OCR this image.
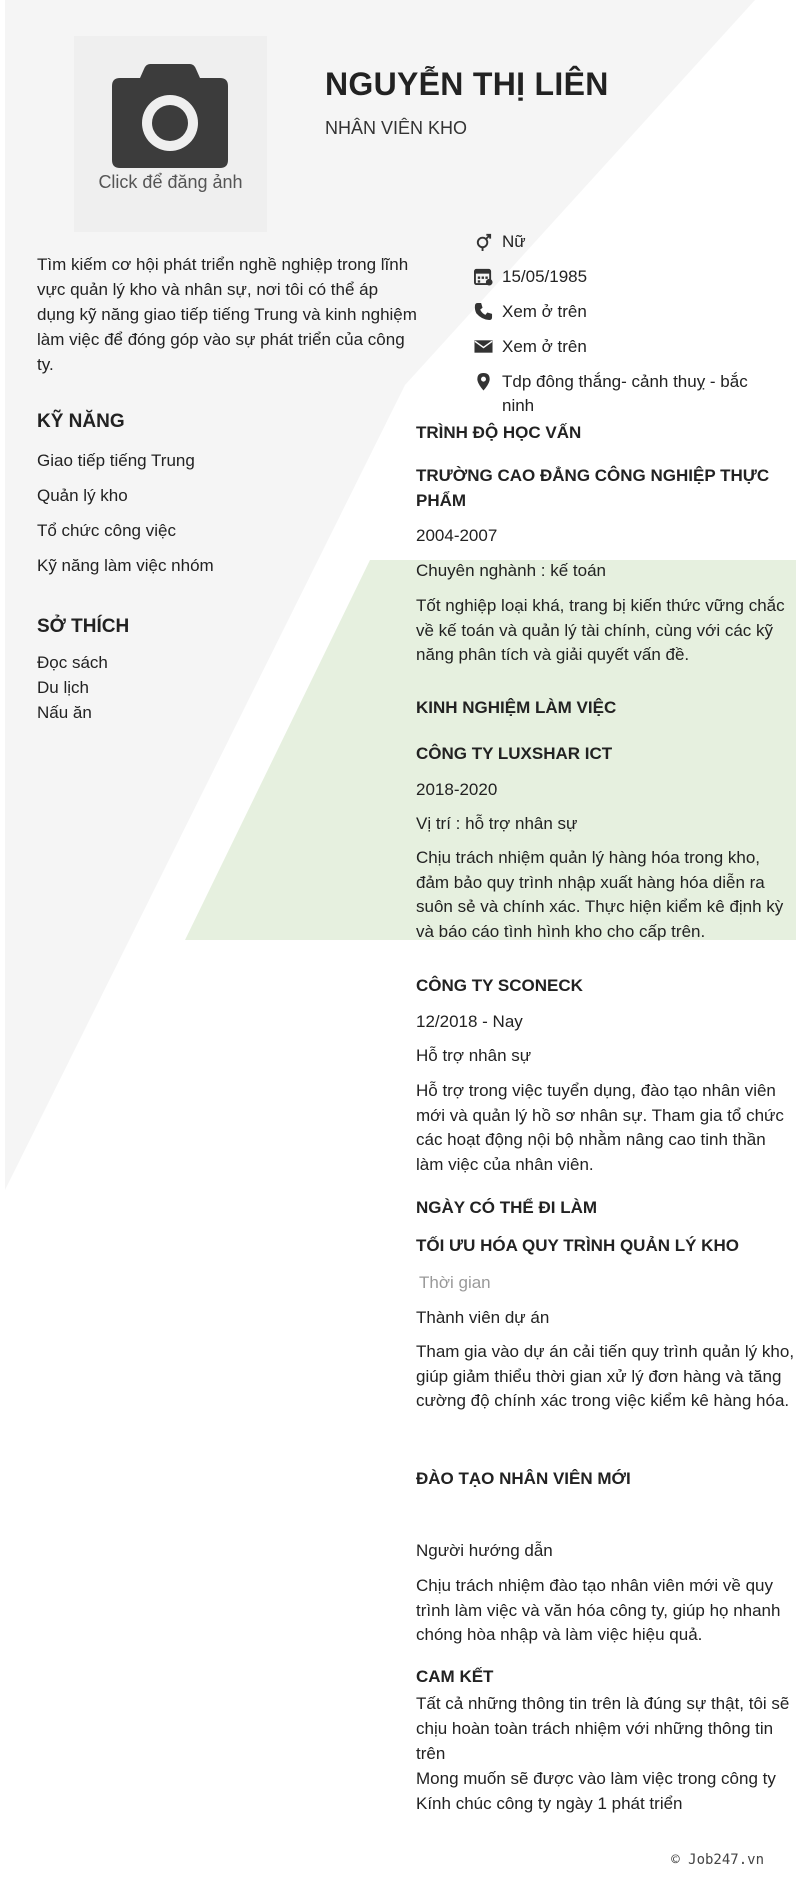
Click để đăng ảnh
NGUYỄN THỊ LIÊN
NHÂN VIÊN KHO
Tìm kiếm cơ hội phát triển nghề nghiệp trong lĩnh vực quản lý kho và nhân sự, nơi tôi có thể áp dụng kỹ năng giao tiếp tiếng Trung và kinh nghiệm làm việc để đóng góp vào sự phát triển của công ty.
Nữ
15/05/1985
Xem ở trên
Xem ở trên
Tdp đông thắng- cảnh thuỵ - bắc ninh
KỸ NĂNG
Giao tiếp tiếng Trung
Quản lý kho
Tổ chức công việc
Kỹ năng làm việc nhóm
SỞ THÍCH
Đọc sách
Du lịch
Nấu ăn
TRÌNH ĐỘ HỌC VẤN
TRƯỜNG CAO ĐẲNG CÔNG NGHIỆP THỰC PHẨM
2004-2007
Chuyên nghành : kế toán
Tốt nghiệp loại khá, trang bị kiến thức vững chắc về kế toán và quản lý tài chính, cùng với các kỹ năng phân tích và giải quyết vấn đề.
KINH NGHIỆM LÀM VIỆC
CÔNG TY LUXSHAR ICT
2018-2020
Vị trí : hỗ trợ nhân sự
Chịu trách nhiệm quản lý hàng hóa trong kho, đảm bảo quy trình nhập xuất hàng hóa diễn ra suôn sẻ và chính xác. Thực hiện kiểm kê định kỳ và báo cáo tình hình kho cho cấp trên.
CÔNG TY SCONECK
12/2018 - Nay
Hỗ trợ nhân sự
Hỗ trợ trong việc tuyển dụng, đào tạo nhân viên mới và quản lý hồ sơ nhân sự. Tham gia tổ chức các hoạt động nội bộ nhằm nâng cao tinh thần làm việc của nhân viên.
NGÀY CÓ THỂ ĐI LÀM
TỐI ƯU HÓA QUY TRÌNH QUẢN LÝ KHO
Thời gian
Thành viên dự án
Tham gia vào dự án cải tiến quy trình quản lý kho, giúp giảm thiểu thời gian xử lý đơn hàng và tăng cường độ chính xác trong việc kiểm kê hàng hóa.
ĐÀO TẠO NHÂN VIÊN MỚI
Người hướng dẫn
Chịu trách nhiệm đào tạo nhân viên mới về quy trình làm việc và văn hóa công ty, giúp họ nhanh chóng hòa nhập và làm việc hiệu quả.
CAM KẾT
Tất cả những thông tin trên là đúng sự thật, tôi sẽ chịu hoàn toàn trách nhiệm với những thông tin trên
Mong muốn sẽ được vào làm việc trong công ty
Kính chúc công ty ngày 1 phát triển
© Job247.vn
